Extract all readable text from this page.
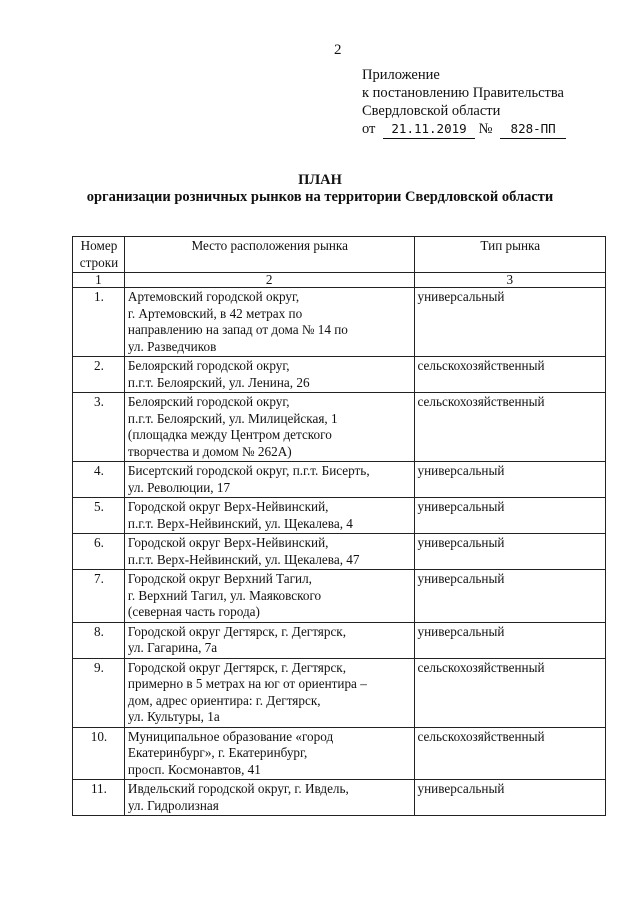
2
Приложение
к постановлению Правительства
Свердловской области
от 21.11.2019 № 828-ПП
ПЛАН
организации розничных рынков на территории Свердловской области
Номер
строки	Место расположения рынка	Тип рынка
1	2	3
1.	Артемовский городской округ,
г. Артемовский, в 42 метрах по
направлению на запад от дома № 14 по
ул. Разведчиков	универсальный
2.	Белоярский городской округ,
п.г.т. Белоярский, ул. Ленина, 26	сельскохозяйственный
3.	Белоярский городской округ,
п.г.т. Белоярский, ул. Милицейская, 1
(площадка между Центром детского
творчества и домом № 262А)	сельскохозяйственный
4.	Бисертский городской округ, п.г.т. Бисерть,
ул. Революции, 17	универсальный
5.	Городской округ Верх-Нейвинский,
п.г.т. Верх-Нейвинский, ул. Щекалева, 4	универсальный
6.	Городской округ Верх-Нейвинский,
п.г.т. Верх-Нейвинский, ул. Щекалева, 47	универсальный
7.	Городской округ Верхний Тагил,
г. Верхний Тагил, ул. Маяковского
(северная часть города)	универсальный
8.	Городской округ Дегтярск, г. Дегтярск,
ул. Гагарина, 7а	универсальный
9.	Городской округ Дегтярск, г. Дегтярск,
примерно в 5 метрах на юг от ориентира –
дом, адрес ориентира: г. Дегтярск,
ул. Культуры, 1а	сельскохозяйственный
10.	Муниципальное образование «город
Екатеринбург», г. Екатеринбург,
просп. Космонавтов, 41	сельскохозяйственный
11.	Ивдельский городской округ, г. Ивдель,
ул. Гидролизная	универсальный
